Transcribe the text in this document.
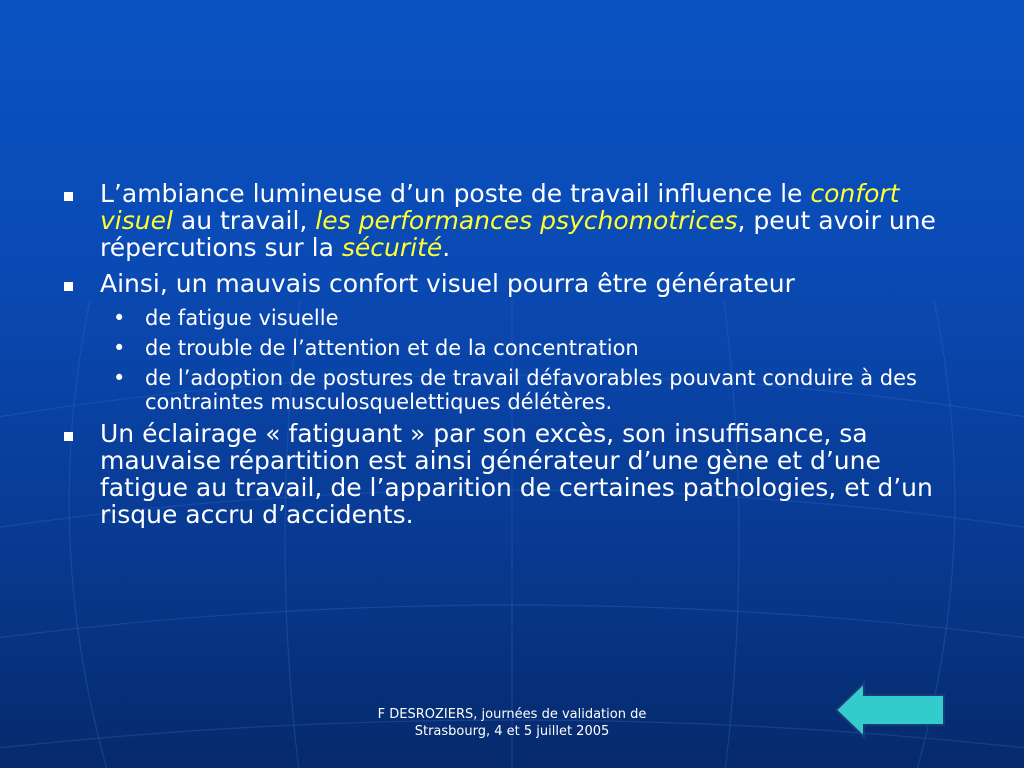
L’ambiance lumineuse d’un poste de travail influence le confort visuel au travail, les performances psychomotrices, peut avoir une répercutions sur la sécurité.
Ainsi, un mauvais confort visuel pourra être générateur
• de fatigue visuelle
• de trouble de l’attention et de la concentration
• de l’adoption de postures de travail défavorables pouvant conduire à des contraintes musculosquelettiques délétères.
Un éclairage « fatiguant » par son excès, son insuffisance, sa mauvaise répartition est ainsi générateur d’une gène et d’une fatigue au travail, de l’apparition de certaines pathologies, et d’un risque accru d’accidents.
F DESROZIERS, journées de validation de
Strasbourg, 4 et 5 juillet 2005
